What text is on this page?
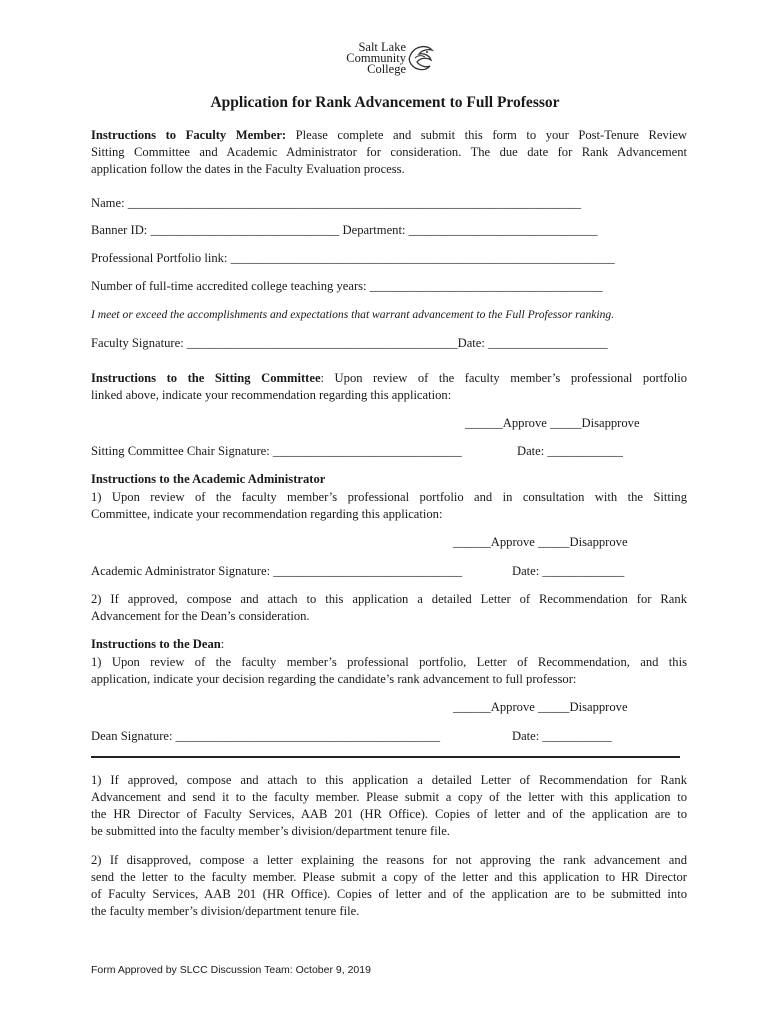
Salt Lake
Community
College
Application for Rank Advancement to Full Professor
Instructions to Faculty Member: Please complete and submit this form to your Post-Tenure Review
Sitting Committee and Academic Administrator for consideration. The due date for Rank Advancement
application follow the dates in the Faculty Evaluation process.
Name: ________________________________________________________________________
Banner ID: ______________________________ Department: ______________________________
Professional Portfolio link: _____________________________________________________________
Number of full-time accredited college teaching years: _____________________________________
I meet or exceed the accomplishments and expectations that warrant advancement to the Full Professor ranking.
Faculty Signature: ___________________________________________Date: ___________________
Instructions to the Sitting Committee: Upon review of the faculty member’s professional portfolio
linked above, indicate your recommendation regarding this application:
______Approve _____Disapprove
Sitting Committee Chair Signature: ______________________________	Date: ____________
Instructions to the Academic Administrator
1) Upon review of the faculty member’s professional portfolio and in consultation with the Sitting
Committee, indicate your recommendation regarding this application:
______Approve _____Disapprove
Academic Administrator Signature: ______________________________	Date: _____________
2) If approved, compose and attach to this application a detailed Letter of Recommendation for Rank
Advancement for the Dean’s consideration.
Instructions to the Dean:
1) Upon review of the faculty member’s professional portfolio, Letter of Recommendation, and this
application, indicate your decision regarding the candidate’s rank advancement to full professor:
______Approve _____Disapprove
Dean Signature: __________________________________________	Date: ___________
1) If approved, compose and attach to this application a detailed Letter of Recommendation for Rank
Advancement and send it to the faculty member. Please submit a copy of the letter with this application to
the HR Director of Faculty Services, AAB 201 (HR Office). Copies of letter and of the application are to
be submitted into the faculty member’s division/department tenure file.
2) If disapproved, compose a letter explaining the reasons for not approving the rank advancement and
send the letter to the faculty member. Please submit a copy of the letter and this application to HR Director
of Faculty Services, AAB 201 (HR Office). Copies of letter and of the application are to be submitted into
the faculty member’s division/department tenure file.
Form Approved by SLCC Discussion Team: October 9, 2019
